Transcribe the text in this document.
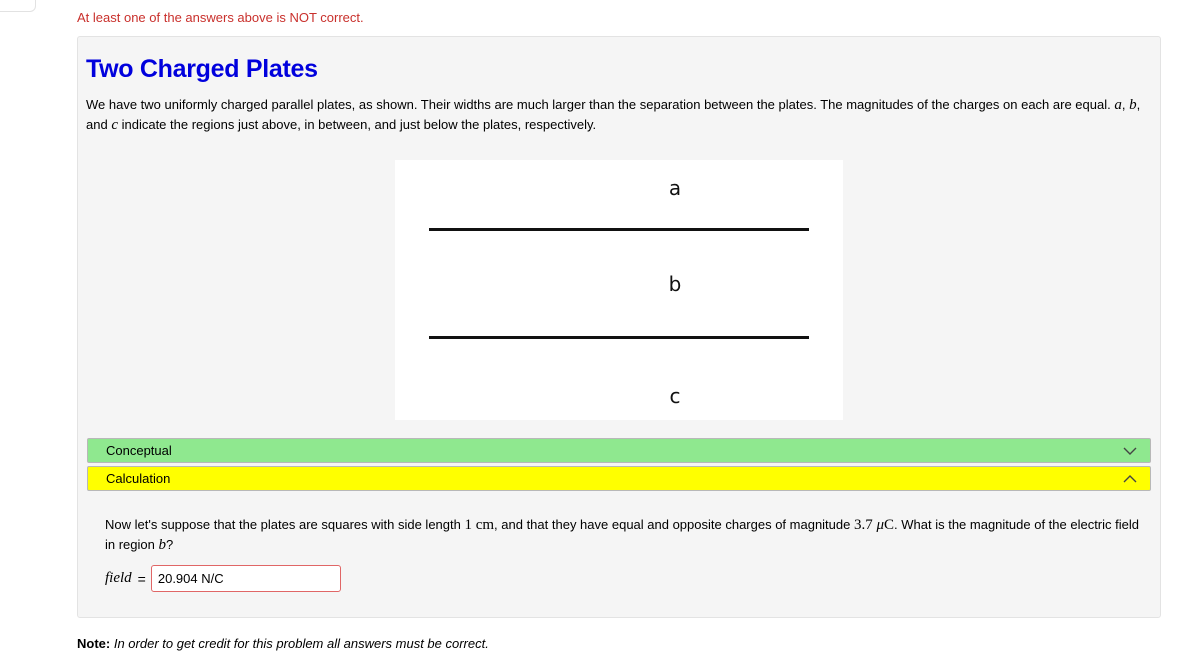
At least one of the answers above is NOT correct.
Two Charged Plates

We have two uniformly charged parallel plates, as shown. Their widths are much larger than the separation between the plates. The magnitudes of the charges on each are equal. a, b, and c indicate the regions just above, in between, and just below the plates, respectively.

a
b
c
Conceptual
Calculation

Now let's suppose that the plates are squares with side length 1 cm, and that they have equal and opposite charges of magnitude 3.7 μC. What is the magnitude of the electric field in region b?

field =
20.904 N/C
Note: In order to get credit for this problem all answers must be correct.
